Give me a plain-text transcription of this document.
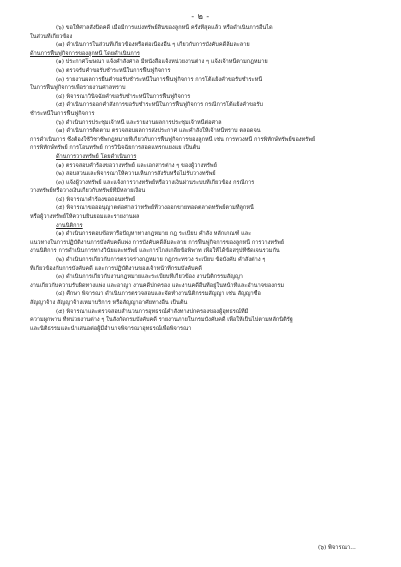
- ๒ -
(๖) ขอให้ศาลสั่งปิดคดี เมื่อมีการแบ่งทรัพย์สินของลูกหนี้ ครั้งที่สุดแล้ว หรือดำเนินการอื่นได
ในส่วนที่เกี่ยวข้อง
(๗) ดำเนินการในส่วนที่เกี่ยวข้องหรือต่อเนื่องอื่น ๆ เกี่ยวกับการบังคับคดีล้มละลาย
ด้านการฟื้นฟูกิจการของลูกหนี้ โดยดำเนินการ
(๑) ประกาศโฆษณา แจ้งคำสั่งศาล มีหนังสือแจ้งหน่วยงานต่าง ๆ แจ้งเจ้าหนี้ตามกฎหมาย
(๒) ตรวจรับคำขอรับชำระหนี้ในการฟื้นฟูกิจการ
(๓) รายงานผลการยื่นคำขอรับชำระหนี้ในการฟื้นฟูกิจการ การโต้แย้งคำขอรับชำระหนี้
ในการฟื้นฟูกิจการเพื่อรายงานศาลทราบ
(๔) พิจารณาวินิจฉัยคำขอรับชำระหนี้ในการฟื้นฟูกิจการ
(๕) ดำเนินการออกคำสั่งการขอรับชำระหนี้ในการฟื้นฟูกิจการ กรณีการโต้แย้งคำขอรับ
ชำระหนี้ในการฟื้นฟูกิจการ
(๖) ดำเนินการประชุมเจ้าหนี้ และรายงานผลการประชุมเจ้าหนี้ต่อศาล
(๗) ดำเนินการติดตาม ตรวจสอบผลการส่งประกาศ และคำสั่งให้เจ้าหนี้ทราบ ตลอดจน
การดำเนินการ ซึ่งต้องใช้วิชาชีพกฎหมายที่เกี่ยวกับการฟื้นฟูกิจการของลูกหนี้ เช่น การทวงหนี้ การพิทักษ์ทรัพย์ของทรัพย์
การพิทักษ์ทรัพย์ การโอนทรัพย์ การวินิจฉัยการสอดแทรกแยงแย เป็นต้น
ด้านการวางทรัพย์ โดยดำเนินการ
(๑) ตรวจสอบคำร้องขอวางทรัพย์ และเอกสารต่าง ๆ ของผู้วางทรัพย์
(๒) สอบสวนและพิจารณาให้ความเห็นการสั่งรับหรือไม่รับวางทรัพย์
(๓) แจ้งผู้วางทรัพย์ และแจ้งการวางทรัพย์หรือวางเงินผ่านระบบที่เกี่ยวข้อง กรณีการ
วางทรัพย์หรือวางเงินเกี่ยวกับทรัพย์ที่มีหลายเงื่อน
(๔) พิจารณาคำร้องขอถอนทรัพย์
(๕) พิจารณาขอออนุญาตต่อศาลว่าทรัพย์ที่วางออกขายทอดตลาดทรัพย์ตามที่ลูกหนี้
หรือผู้วางทรัพย์ให้ความยินยอมและรายงานผล
งานนิติการ
(๑) ดำเนินการตอบข้อหารือปัญหาทางกฎหมาย กฎ ระเบียบ คำสั่ง หลักเกณฑ์ และ
แนวทางในการปฏิบัติงานการบังคับคดีแพ่ง การบังคับคดีล้มละลาย การฟื้นฟูกิจการของลูกหนี้ การวางทรัพย์
งานนิติการ การดำเนินการทางวินัยและทรัพย์ และการไกล่เกลี่ยข้อพิพาท เพื่อให้ได้ข้อสรุปที่ชัดเจนรวมกัน
(๒) ดำเนินการเกี่ยวกับการตรวจร่างกฎหมาย กฎกระทรวง ระเบียบ ข้อบังคับ คำสั่งต่าง ๆ
ที่เกี่ยวข้องกับการบังคับคดี และการปฏิบัติงานของเจ้าหน้าที่กรมบังคับคดี
(๓) ดำเนินการเกี่ยวกับงานกฎหมายและระเบียบที่เกี่ยวข้อง งานนิติกรรมสัญญา
งานเกี่ยวกับความรับผิดทางแพ่ง และอาญา งานคดีปกครอง และงานคดีอื่นที่อยู่ในหน้าที่และอำนาจของกรม
(๔) ศึกษา พิจารณา ดำเนินการตรวจสอบและจัดทำงานนิติกรรมสัญญา เช่น สัญญาซื้อ
สัญญาจ้าง สัญญาจ้างเหมาบริการ หรือสัญญาอาศัยทางอื่น เป็นต้น
(๕) พิจารณาและตรวจสอบสำนวนการอุทธรณ์คำสั่งทางปกครองของผู้อุทธรณ์ที่มี
ความผูกพาน ที่หน่วยงานต่าง ๆ ในสังกัดกรมบังคับคดี รายงานภายในกรมบังคับคดี เพื่อให้เป็นไปตามหลักนิติรัฐ
และนิติธรรมและนำเสนอต่อผู้มีอำนาจพิจารณาอุทธรณ์เพื่อพิจารณา
(๖) พิจารณา...
